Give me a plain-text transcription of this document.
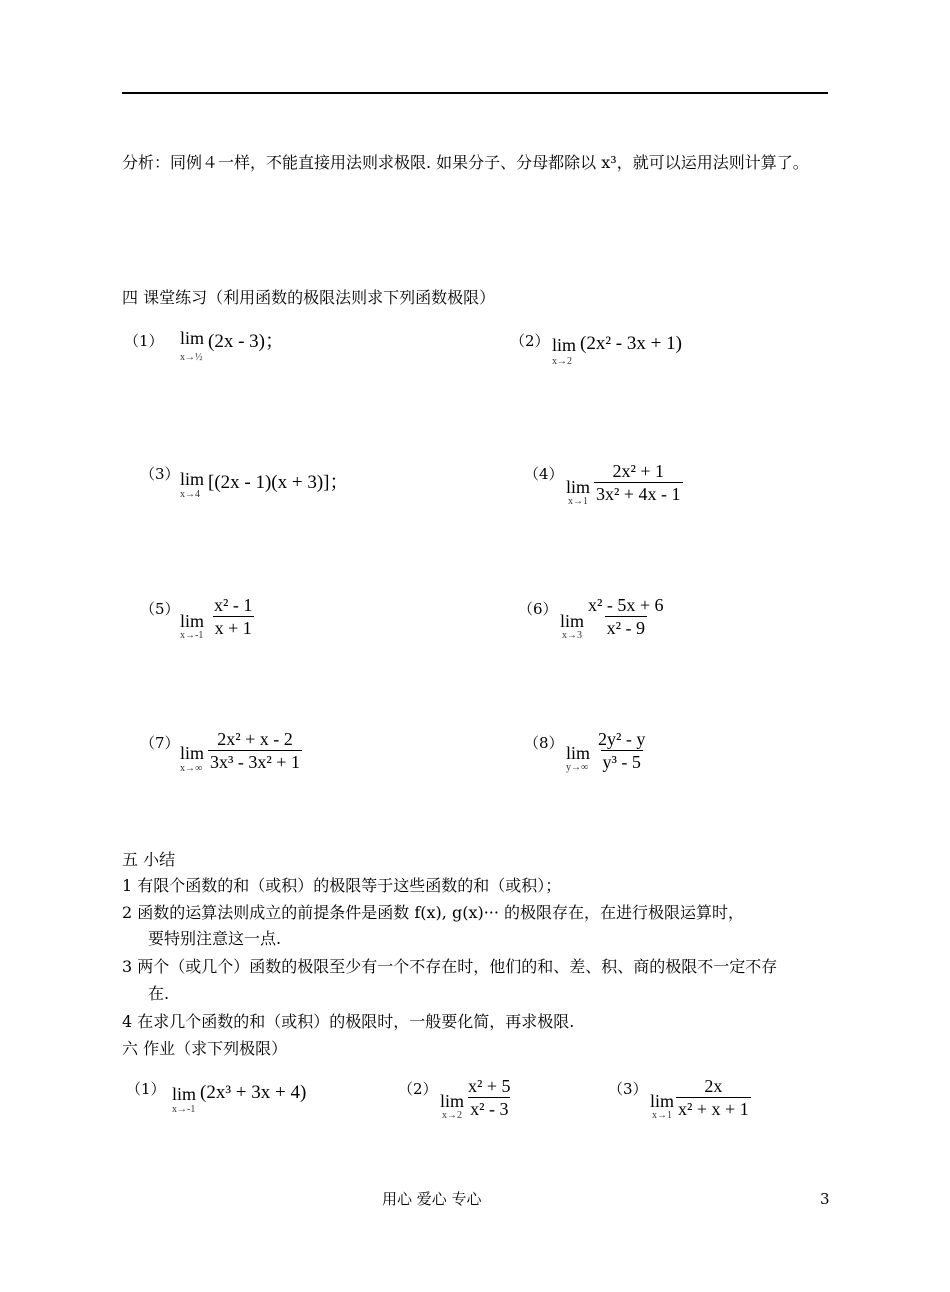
分析：同例４一样，不能直接用法则求极限. 如果分子、分母都除以 x³，就可以运用法则计算了。
四 课堂练习（利用函数的极限法则求下列函数极限）
（1） lim
x→½
(2x - 3)；	（2） lim
x→2
(2x² - 3x + 1)
（3） lim
x→4
[(2x - 1)(x + 3)]；	（4）
lim
$x\to 1 \frac{\text{2x² + 1}}{\text{3x² + 4x - 1}}$
（5）
lim
$x\to-1 \frac{\text{x² - 1}}{x + 1}$	（6）
lim
$x\to 3 \frac{\text{x² - 5x + 6}}{\text{x² - 9}}$
（7） lim
$x\to\infty \frac{\text{2x² + x - 2}}{\text{3x³ - 3x² + 1}}$	（8） lim
$y\to\infty \frac{\text{2y² - y}}{\text{y³ - 5}}$
五 小结
1 有限个函数的和（或积）的极限等于这些函数的和（或积）；
2 函数的运算法则成立的前提条件是函数 f(x), g(x)··· 的极限存在，在进行极限运算时，
要特别注意这一点.
3 两个（或几个）函数的极限至少有一个不存在时，他们的和、差、积、商的极限不一定不存
在.
4 在求几个函数的和（或积）的极限时，一般要化简，再求极限.
六 作业（求下列极限）
（1） lim
x→-1
(2x³ + 3x + 4)	（2）
lim
$x\to 2 \frac{\text{x² + 5}}{\text{x² - 3}}$	（3）
lim
$x\to 1 \frac{2x}{\text{x² + x + 1}}$
用心 爱心 专心	3
